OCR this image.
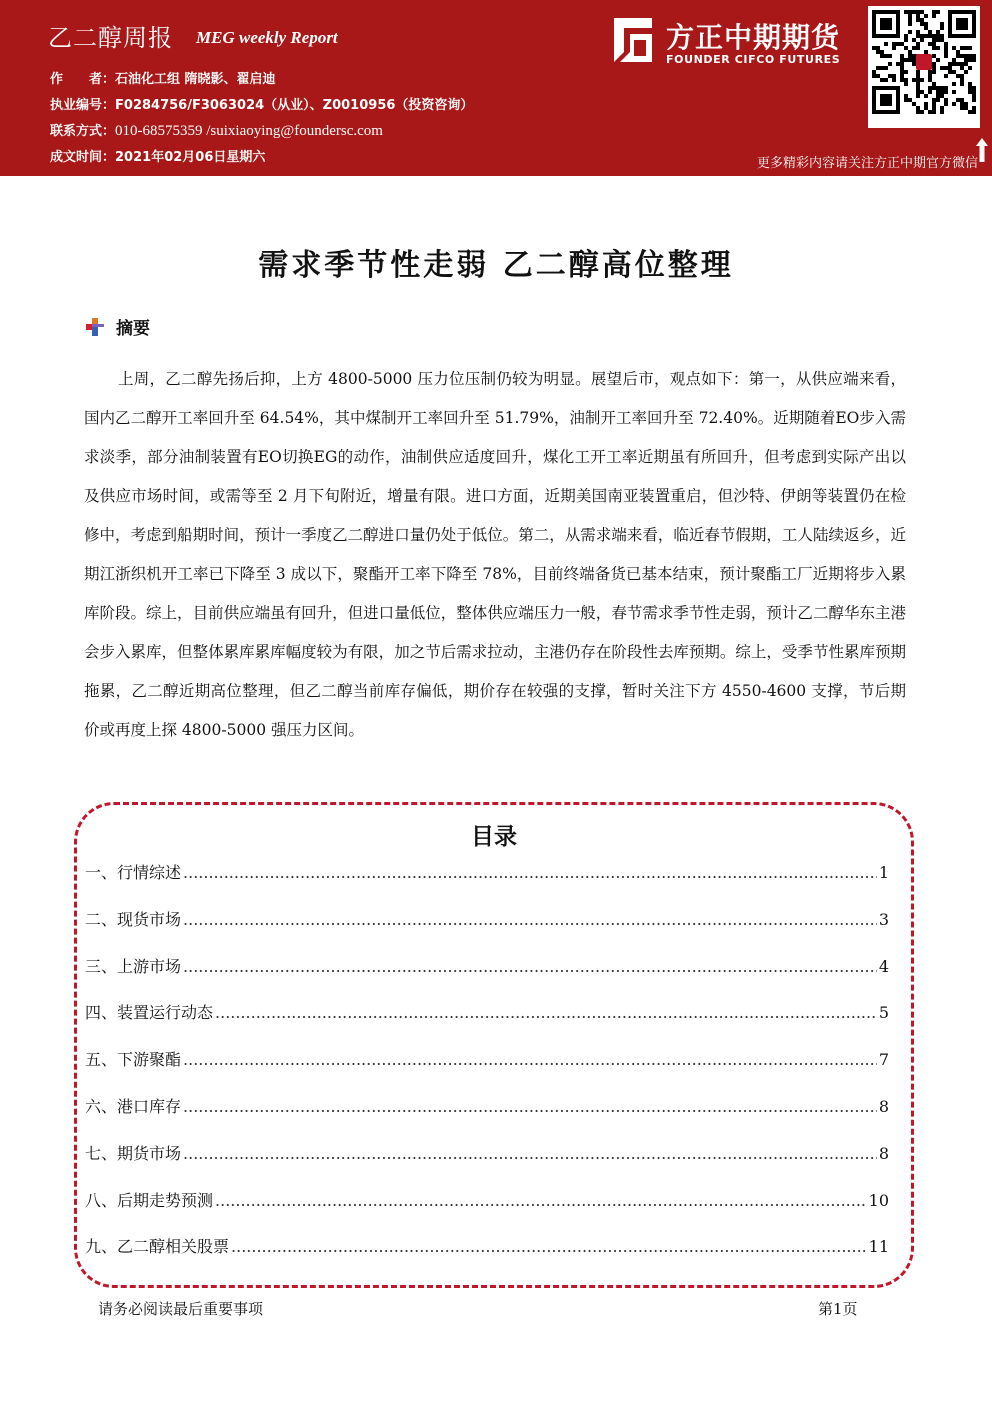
乙二醇周报 MEG weekly Report
作　　者：石油化工组 隋晓影、翟启迪
执业编号：F0284756/F3063024（从业）、Z0010956（投资咨询）
联系方式：010-68575359 /suixiaoying@foundersc.com
成文时间：2021年02月06日星期六
方正中期期货
FOUNDER CIFCO FUTURES
更多精彩内容请关注方正中期官方微信
需求季节性走弱 乙二醇高位整理
摘要

上周，乙二醇先扬后抑，上方 4800-5000 压力位压制仍较为明显。展望后市，观点如下：第一，从供应端来看，国内乙二醇开工率回升至 64.54%，其中煤制开工率回升至 51.79%，油制开工率回升至 72.40%。近期随着EO步入需求淡季，部分油制装置有EO切换EG的动作，油制供应适度回升，煤化工开工率近期虽有所回升，但考虑到实际产出以及供应市场时间，或需等至 2 月下旬附近，增量有限。进口方面，近期美国南亚装置重启，但沙特、伊朗等装置仍在检修中，考虑到船期时间，预计一季度乙二醇进口量仍处于低位。第二，从需求端来看，临近春节假期，工人陆续返乡，近期江浙织机开工率已下降至 3 成以下，聚酯开工率下降至 78%，目前终端备货已基本结束，预计聚酯工厂近期将步入累库阶段。综上，目前供应端虽有回升，但进口量低位，整体供应端压力一般，春节需求季节性走弱，预计乙二醇华东主港会步入累库，但整体累库累库幅度较为有限，加之节后需求拉动，主港仍存在阶段性去库预期。综上，受季节性累库预期拖累，乙二醇近期高位整理，但乙二醇当前库存偏低，期价存在较强的支撑，暂时关注下方 4550-4600 支撑，节后期价或再度上探 4800-5000 强压力区间。

目录
一、行情综述 .....	1
二、现货市场 .....	3
三、上游市场 .....	4
四、装置运行动态 .....	5
五、下游聚酯 .....	7
六、港口库存 .....	8
七、期货市场 .....	8
八、后期走势预测 .....	10
九、乙二醇相关股票 .....	11
请务必阅读最后重要事项	第1页
